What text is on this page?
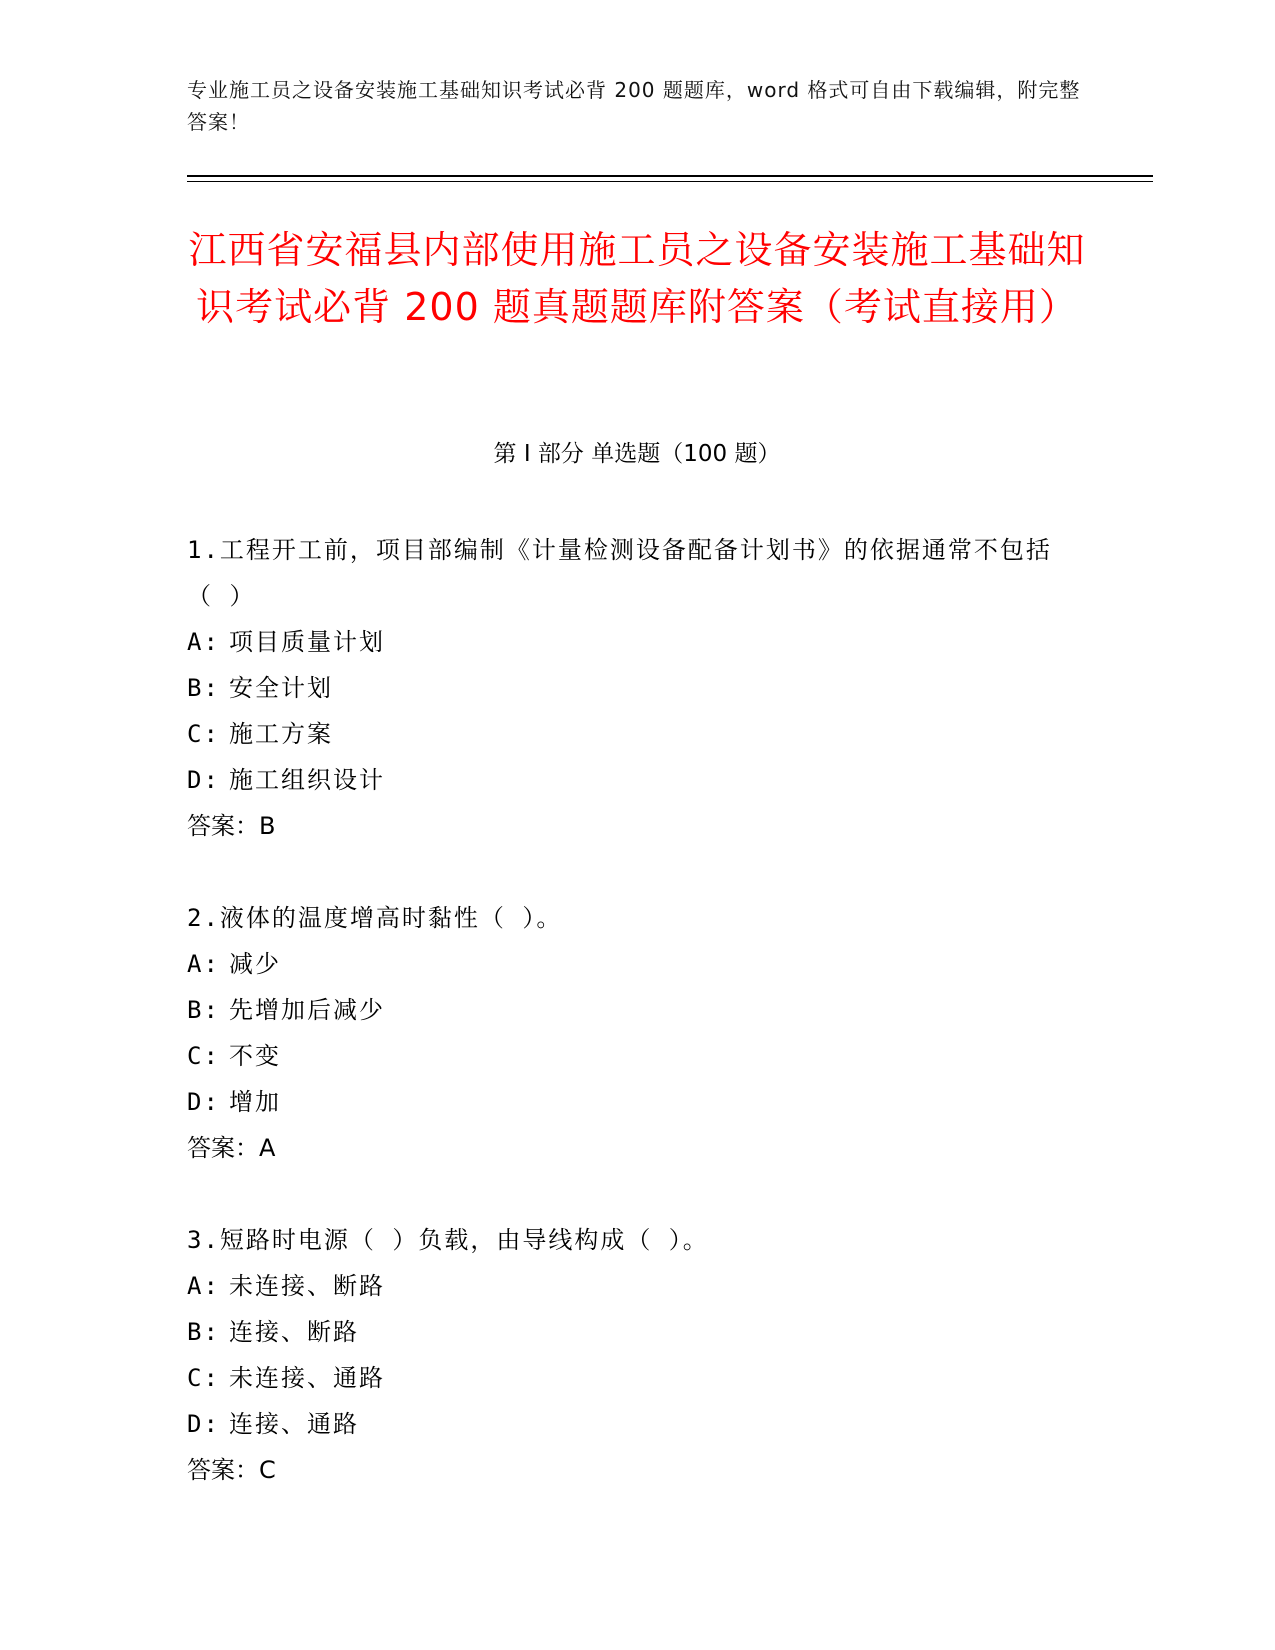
专业施工员之设备安装施工基础知识考试必背 200 题题库，word 格式可自由下载编辑，附完整答案！
江西省安福县内部使用施工员之设备安装施工基础知识考试必背 200 题真题题库附答案（考试直接用）
第 I 部分 单选题（100 题）
1.工程开工前，项目部编制《计量检测设备配备计划书》的依据通常不包括（ ）
A: 项目质量计划
B: 安全计划
C: 施工方案
D: 施工组织设计
答案：B
2.液体的温度增高时黏性（ ）。
A: 减少
B: 先增加后减少
C: 不变
D: 增加
答案：A
3.短路时电源（ ）负载，由导线构成（ ）。
A: 未连接、断路
B: 连接、断路
C: 未连接、通路
D: 连接、通路
答案：C
